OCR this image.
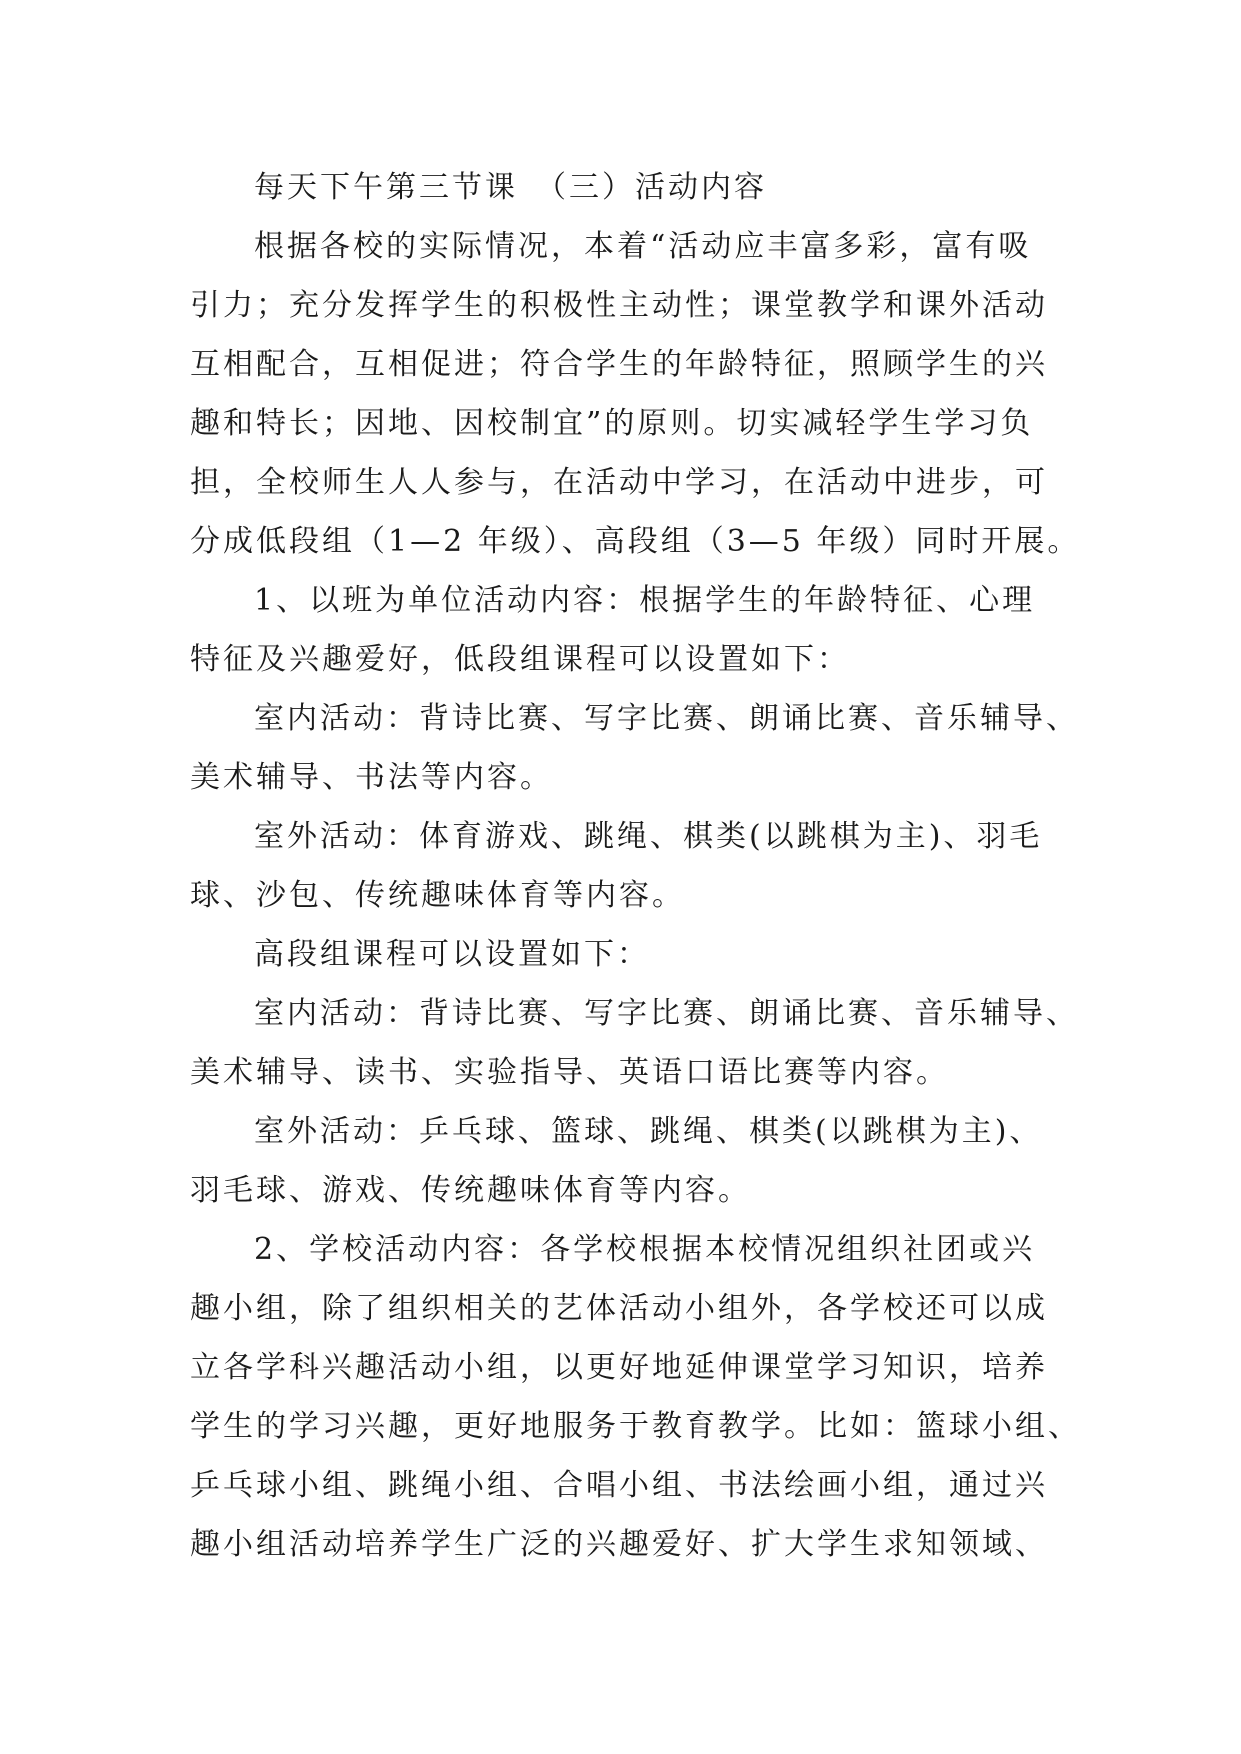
每天下午第三节课　（三）活动内容
根据各校的实际情况，本着“活动应丰富多彩，富有吸
引力；充分发挥学生的积极性主动性；课堂教学和课外活动
互相配合，互相促进；符合学生的年龄特征，照顾学生的兴
趣和特长；因地、因校制宜”的原则。切实减轻学生学习负
担，全校师生人人参与，在活动中学习，在活动中进步，可
分成低段组（1—2 年级）、高段组（3—5 年级）同时开展。
1、以班为单位活动内容：根据学生的年龄特征、心理
特征及兴趣爱好，低段组课程可以设置如下：
室内活动：背诗比赛、写字比赛、朗诵比赛、音乐辅导、
美术辅导、书法等内容。
室外活动：体育游戏、跳绳、棋类(以跳棋为主)、羽毛
球、沙包、传统趣味体育等内容。
高段组课程可以设置如下：
室内活动：背诗比赛、写字比赛、朗诵比赛、音乐辅导、
美术辅导、读书、实验指导、英语口语比赛等内容。
室外活动：乒乓球、篮球、跳绳、棋类(以跳棋为主)、
羽毛球、游戏、传统趣味体育等内容。
2、学校活动内容：各学校根据本校情况组织社团或兴
趣小组，除了组织相关的艺体活动小组外，各学校还可以成
立各学科兴趣活动小组，以更好地延伸课堂学习知识，培养
学生的学习兴趣，更好地服务于教育教学。比如：篮球小组、
乒乓球小组、跳绳小组、合唱小组、书法绘画小组，通过兴
趣小组活动培养学生广泛的兴趣爱好、扩大学生求知领域、
